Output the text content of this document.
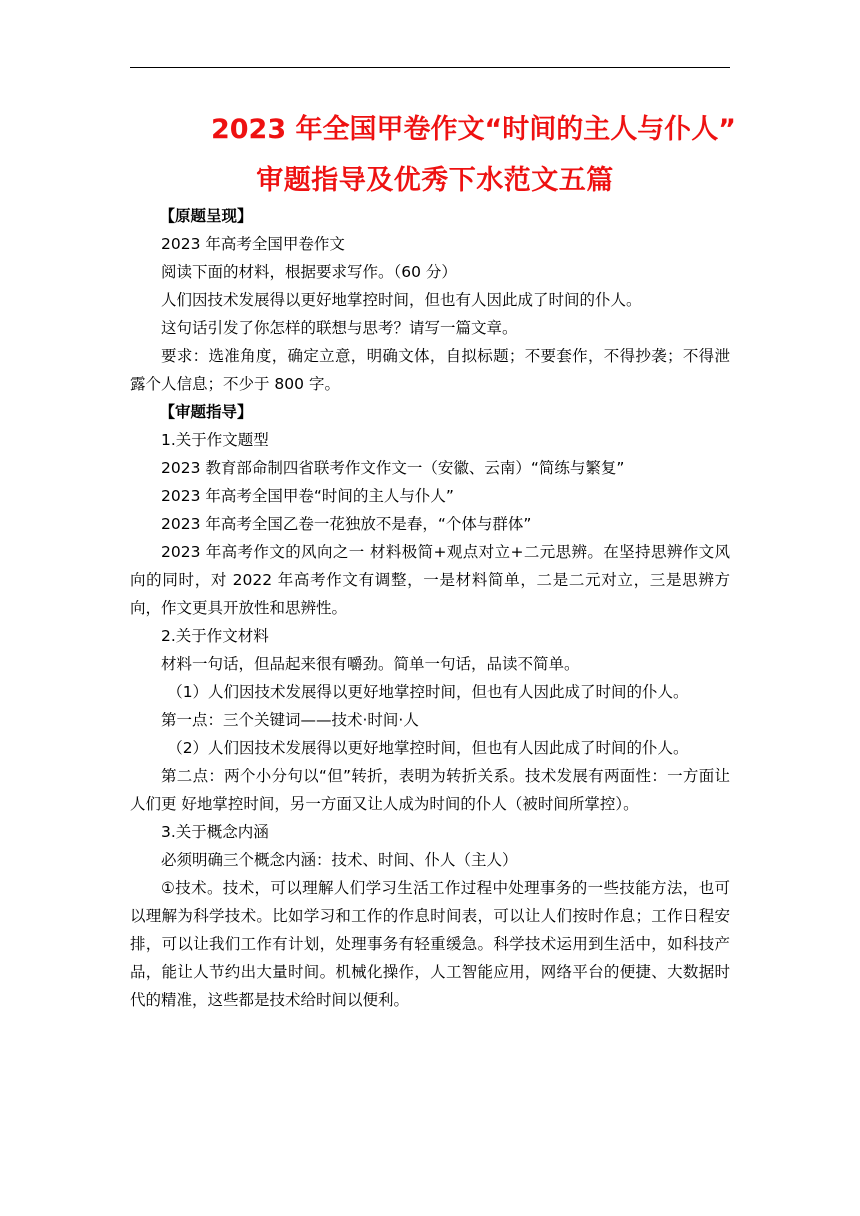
2023 年全国甲卷作文“时间的主人与仆人”
审题指导及优秀下水范文五篇

【原题呈现】

2023 年高考全国甲卷作文

阅读下面的材料，根据要求写作。（60 分）

人们因技术发展得以更好地掌控时间，但也有人因此成了时间的仆人。

这句话引发了你怎样的联想与思考？请写一篇文章。

要求：选准角度，确定立意，明确文体，自拟标题；不要套作，不得抄袭；不得泄露个人信息；不少于 800 字。

【审题指导】

1.关于作文题型

2023 教育部命制四省联考作文作文一（安徽、云南）“简练与繁复”

2023 年高考全国甲卷“时间的主人与仆人”

2023 年高考全国乙卷一花独放不是春，“个体与群体”

2023 年高考作文的风向之一 材料极简+观点对立+二元思辨。在坚持思辨作文风向的同时，对 2022 年高考作文有调整，一是材料简单，二是二元对立，三是思辨方向，作文更具开放性和思辨性。

2.关于作文材料

材料一句话，但品起来很有嚼劲。简单一句话，品读不简单。

（1）人们因技术发展得以更好地掌控时间，但也有人因此成了时间的仆人。

第一点：三个关键词——技术·时间·人

（2）人们因技术发展得以更好地掌控时间，但也有人因此成了时间的仆人。

第二点：两个小分句以“但”转折，表明为转折关系。技术发展有两面性：一方面让人们更 好地掌控时间，另一方面又让人成为时间的仆人（被时间所掌控）。

3.关于概念内涵

必须明确三个概念内涵：技术、时间、仆人（主人）

①技术。技术，可以理解人们学习生活工作过程中处理事务的一些技能方法，也可以理解为科学技术。比如学习和工作的作息时间表，可以让人们按时作息；工作日程安排，可以让我们工作有计划，处理事务有轻重缓急。科学技术运用到生活中，如科技产品，能让人节约出大量时间。机械化操作，人工智能应用，网络平台的便捷、大数据时代的精准，这些都是技术给时间以便利。
